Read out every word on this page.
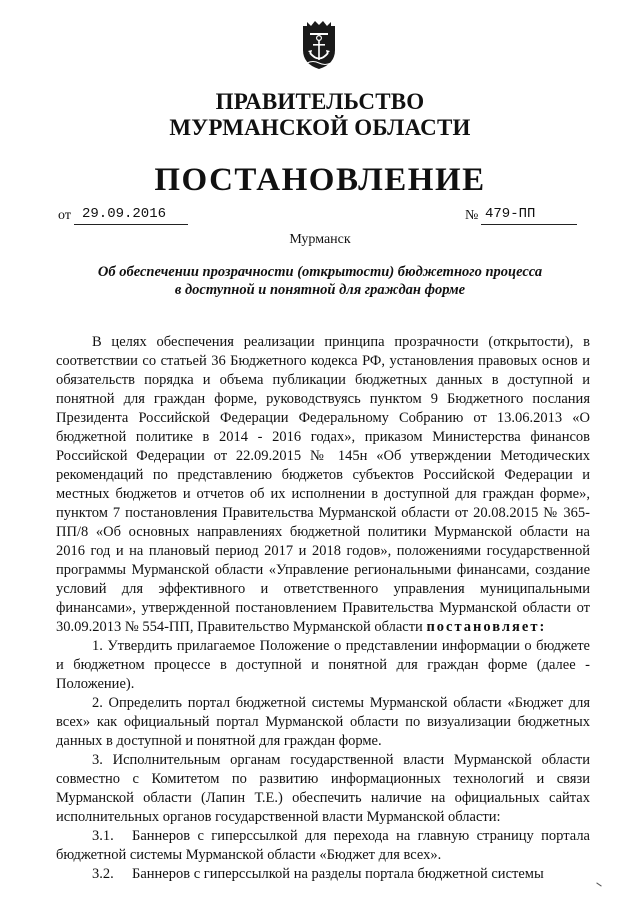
ПРАВИТЕЛЬСТВО
МУРМАНСКОЙ ОБЛАСТИ
ПОСТАНОВЛЕНИЕ
от 29.09.2016	№ 479-ПП
Мурманск
Об обеспечении прозрачности (открытости) бюджетного процесса
в доступной и понятной для граждан форме

В целях обеспечения реализации принципа прозрачности (открытости), в соответствии со статьей 36 Бюджетного кодекса РФ, установления правовых основ и обязательств порядка и объема публикации бюджетных данных в доступной и понятной для граждан форме, руководствуясь пунктом 9 Бюджетного послания Президента Российской Федерации Федеральному Собранию от 13.06.2013 «О бюджетной политике в 2014 - 2016 годах», приказом Министерства финансов Российской Федерации от 22.09.2015 № 145н «Об утверждении Методических рекомендаций по представлению бюджетов субъектов Российской Федерации и местных бюджетов и отчетов об их исполнении в доступной для граждан форме», пунктом 7 постановления Правительства Мурманской области от 20.08.2015 № 365-ПП/8 «Об основных направлениях бюджетной политики Мурманской области на 2016 год и на плановый период 2017 и 2018 годов», положениями государственной программы Мурманской области «Управление региональными финансами, создание условий для эффективного и ответственного управления муниципальными финансами», утвержденной постановлением Правительства Мурманской области от 30.09.2013 № 554-ПП, Правительство Мурманской области постановляет:

1. Утвердить прилагаемое Положение о представлении информации о бюджете и бюджетном процессе в доступной и понятной для граждан форме (далее - Положение).

2. Определить портал бюджетной системы Мурманской области «Бюджет для всех» как официальный портал Мурманской области по визуализации бюджетных данных в доступной и понятной для граждан форме.

3. Исполнительным органам государственной власти Мурманской области совместно с Комитетом по развитию информационных технологий и связи Мурманской области (Лапин Т.Е.) обеспечить наличие на официальных сайтах исполнительных органов государственной власти Мурманской области:

3.1. Баннеров с гиперссылкой для перехода на главную страницу портала бюджетной системы Мурманской области «Бюджет для всех».

3.2. Баннеров с гиперссылкой на разделы портала бюджетной системы
